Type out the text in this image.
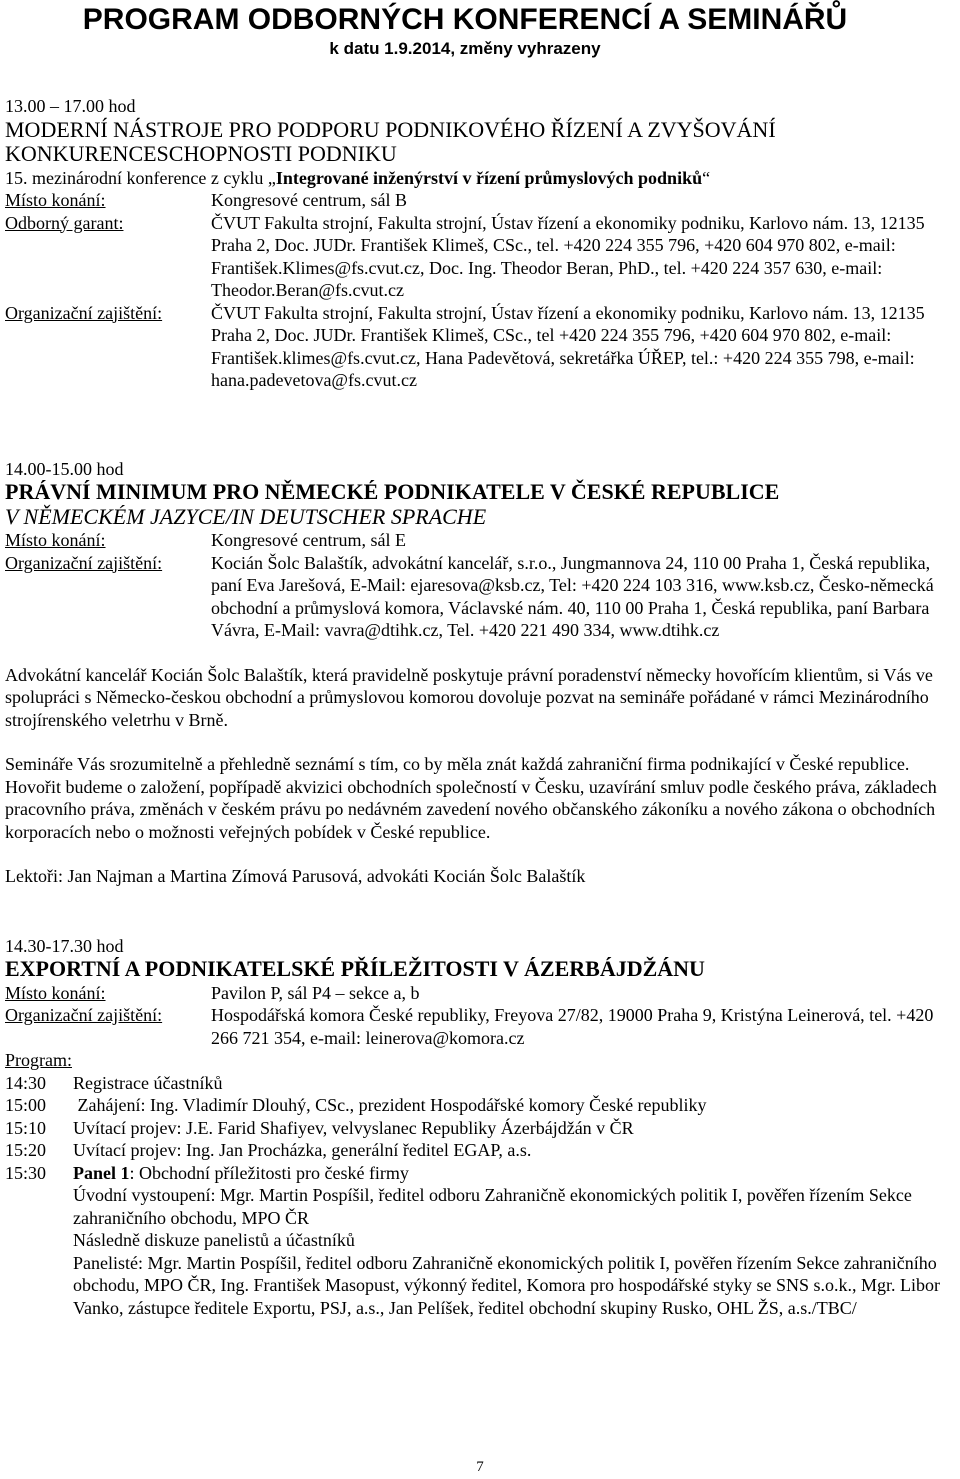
PROGRAM ODBORNÝCH KONFERENCÍ A SEMINÁŘŮ
k datu 1.9.2014, změny vyhrazeny
13.00 – 17.00 hod
MODERNÍ NÁSTROJE PRO PODPORU PODNIKOVÉHO ŘÍZENÍ A ZVYŠOVÁNÍ
KONKURENCESCHOPNOSTI PODNIKU
15. mezinárodní konference z cyklu „Integrované inženýrství v řízení průmyslových podniků“
Místo konání:	Kongresové centrum, sál B
Odborný garant:	ČVUT Fakulta strojní, Fakulta strojní, Ústav řízení a ekonomiky podniku, Karlovo nám. 13, 12135 Praha 2, Doc. JUDr. František Klimeš, CSc., tel. +420 224 355 796, +420 604 970 802, e-mail: František.Klimes@fs.cvut.cz, Doc. Ing. Theodor Beran, PhD., tel. +420 224 357 630, e-mail: Theodor.Beran@fs.cvut.cz
Organizační zajištění:	ČVUT Fakulta strojní, Fakulta strojní, Ústav řízení a ekonomiky podniku, Karlovo nám. 13, 12135 Praha 2, Doc. JUDr. František Klimeš, CSc., tel +420 224 355 796, +420 604 970 802, e-mail: František.klimes@fs.cvut.cz, Hana Padevětová, sekretářka ÚŘEP, tel.: +420 224 355 798, e-mail: hana.padevetova@fs.cvut.cz
14.00-15.00 hod
PRÁVNÍ MINIMUM PRO NĚMECKÉ PODNIKATELE V ČESKÉ REPUBLICE
V NĚMECKÉM JAZYCE/IN DEUTSCHER SPRACHE
Místo konání:	Kongresové centrum, sál E
Organizační zajištění:	Kocián Šolc Balaštík, advokátní kancelář, s.r.o., Jungmannova 24, 110 00 Praha 1, Česká republika, paní Eva Jarešová, E-Mail: ejaresova@ksb.cz, Tel: +420 224 103 316, www.ksb.cz, Česko-německá obchodní a průmyslová komora, Václavské nám. 40, 110 00 Praha 1, Česká republika, paní Barbara Vávra, E-Mail: vavra@dtihk.cz, Tel. +420 221 490 334, www.dtihk.cz

Advokátní kancelář Kocián Šolc Balaštík, která pravidelně poskytuje právní poradenství německy hovořícím klientům, si Vás ve spolupráci s Německo-českou obchodní a průmyslovou komorou dovoluje pozvat na semináře pořádané v rámci Mezinárodního strojírenského veletrhu v Brně.

Semináře Vás srozumitelně a přehledně seznámí s tím, co by měla znát každá zahraniční firma podnikající v České republice. Hovořit budeme o založení, popřípadě akvizici obchodních společností v Česku, uzavírání smluv podle českého práva, základech pracovního práva, změnách v českém právu po nedávném zavedení nového občanského zákoníku a nového zákona o obchodních korporacích nebo o možnosti veřejných pobídek v České republice.

Lektoři: Jan Najman a Martina Zímová Parusová, advokáti Kocián Šolc Balaštík

14.30-17.30 hod
EXPORTNÍ A PODNIKATELSKÉ PŘÍLEŽITOSTI V ÁZERBÁJDŽÁNU
Místo konání:	Pavilon P, sál P4 – sekce a, b
Organizační zajištění:	Hospodářská komora České republiky, Freyova 27/82, 19000 Praha 9, Kristýna Leinerová, tel. +420 266 721 354, e-mail: leinerova@komora.cz
Program:
14:30	Registrace účastníků
15:00	Zahájení: Ing. Vladimír Dlouhý, CSc., prezident Hospodářské komory České republiky
15:10	Uvítací projev: J.E. Farid Shafiyev, velvyslanec Republiky Ázerbájdžán v ČR
15:20	Uvítací projev: Ing. Jan Procházka, generální ředitel EGAP, a.s.
15:30	Panel 1: Obchodní příležitosti pro české firmy
Úvodní vystoupení: Mgr. Martin Pospíšil, ředitel odboru Zahraničně ekonomických politik I, pověřen řízením Sekce zahraničního obchodu, MPO ČR
Následně diskuze panelistů a účastníků
Panelisté: Mgr. Martin Pospíšil, ředitel odboru Zahraničně ekonomických politik I, pověřen řízením Sekce zahraničního obchodu, MPO ČR, Ing. František Masopust, výkonný ředitel, Komora pro hospodářské styky se SNS s.o.k., Mgr. Libor Vanko, zástupce ředitele Exportu, PSJ, a.s., Jan Pelíšek, ředitel obchodní skupiny Rusko, OHL ŽS, a.s./TBC/
7
